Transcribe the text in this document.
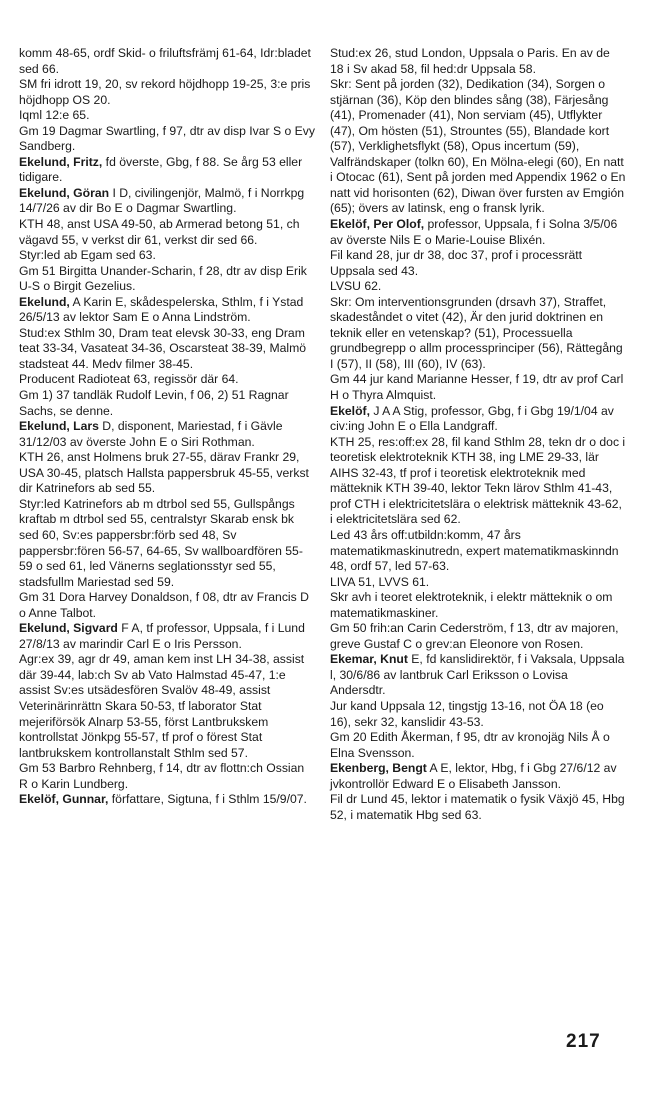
komm 48-65, ordf Skid- o friluftsfrämj 61-64, Idr:bladet sed 66.

SM fri idrott 19, 20, sv rekord höjdhopp 19-25, 3:e pris höjdhopp OS 20.

Iqml 12:e 65.

Gm 19 Dagmar Swartling, f 97, dtr av disp Ivar S o Evy Sandberg.

Ekelund, Fritz, fd överste, Gbg, f 88. Se årg 53 eller tidigare.

Ekelund, Göran I D, civilingenjör, Malmö, f i Norrkpg 14/7/26 av dir Bo E o Dagmar Swartling.

KTH 48, anst USA 49-50, ab Armerad betong 51, ch vägavd 55, v verkst dir 61, verkst dir sed 66.

Styr:led ab Egam sed 63.

Gm 51 Birgitta Unander-Scharin, f 28, dtr av disp Erik U-S o Birgit Gezelius.

Ekelund, A Karin E, skådespelerska, Sthlm, f i Ystad 26/5/13 av lektor Sam E o Anna Lindström.

Stud:ex Sthlm 30, Dram teat elevsk 30-33, eng Dram teat 33-34, Vasateat 34-36, Oscarsteat 38-39, Malmö stadsteat 44. Medv filmer 38-45.

Producent Radioteat 63, regissör där 64.

Gm 1) 37 tandläk Rudolf Levin, f 06, 2) 51 Ragnar Sachs, se denne.

Ekelund, Lars D, disponent, Mariestad, f i Gävle 31/12/03 av överste John E o Siri Rothman.

KTH 26, anst Holmens bruk 27-55, därav Frankr 29, USA 30-45, platsch Hallsta pappersbruk 45-55, verkst dir Katrinefors ab sed 55.

Styr:led Katrinefors ab m dtrbol sed 55, Gullspångs kraftab m dtrbol sed 55, centralstyr Skarab ensk bk sed 60, Sv:es pappersbr:förb sed 48, Sv pappersbr:fören 56-57, 64-65, Sv wallboardfören 55-59 o sed 61, led Vänerns seglationsstyr sed 55, stadsfullm Mariestad sed 59.

Gm 31 Dora Harvey Donaldson, f 08, dtr av Francis D o Anne Talbot.

Ekelund, Sigvard F A, tf professor, Uppsala, f i Lund 27/8/13 av marindir Carl E o Iris Persson.

Agr:ex 39, agr dr 49, aman kem inst LH 34-38, assist där 39-44, lab:ch Sv ab Vato Halmstad 45-47, 1:e assist Sv:es utsädesfören Svalöv 48-49, assist Veterinärinrättn Skara 50-53, tf laborator Stat mejeriförsök Alnarp 53-55, först Lantbrukskem kontrollstat Jönkpg 55-57, tf prof o förest Stat lantbrukskem kontrollanstalt Sthlm sed 57.

Gm 53 Barbro Rehnberg, f 14, dtr av flottn:ch Ossian R o Karin Lundberg.

Ekelöf, Gunnar, författare, Sigtuna, f i Sthlm 15/9/07.

Stud:ex 26, stud London, Uppsala o Paris. En av de 18 i Sv akad 58, fil hed:dr Uppsala 58.

Skr: Sent på jorden (32), Dedikation (34), Sorgen o stjärnan (36), Köp den blindes sång (38), Färjesång (41), Promenader (41), Non serviam (45), Utflykter (47), Om hösten (51), Strountes (55), Blandade kort (57), Verklighetsflykt (58), Opus incertum (59), Valfrändskaper (tolkn 60), En Mölna-elegi (60), En natt i Otocac (61), Sent på jorden med Appendix 1962 o En natt vid horisonten (62), Diwan över fursten av Emgión (65); övers av latinsk, eng o fransk lyrik.

Ekelöf, Per Olof, professor, Uppsala, f i Solna 3/5/06 av överste Nils E o Marie-Louise Blixén.

Fil kand 28, jur dr 38, doc 37, prof i processrätt Uppsala sed 43.

LVSU 62.

Skr: Om interventionsgrunden (drsavh 37), Straffet, skadeståndet o vitet (42), Är den jurid doktrinen en teknik eller en vetenskap? (51), Processuella grundbegrepp o allm processprinciper (56), Rättegång I (57), II (58), III (60), IV (63).

Gm 44 jur kand Marianne Hesser, f 19, dtr av prof Carl H o Thyra Almquist.

Ekelöf, J A A Stig, professor, Gbg, f i Gbg 19/1/04 av civ:ing John E o Ella Landgraff.

KTH 25, res:off:ex 28, fil kand Sthlm 28, tekn dr o doc i teoretisk elektroteknik KTH 38, ing LME 29-33, lär AIHS 32-43, tf prof i teoretisk elektroteknik med mätteknik KTH 39-40, lektor Tekn lärov Sthlm 41-43, prof CTH i elektricitetslära o elektrisk mätteknik 43-62, i elektricitetslära sed 62.

Led 43 års off:utbildn:komm, 47 års matematikmaskinutredn, expert matematikmaskinndn 48, ordf 57, led 57-63.

LIVA 51, LVVS 61.

Skr avh i teoret elektroteknik, i elektr mätteknik o om matematikmaskiner.

Gm 50 frih:an Carin Cederström, f 13, dtr av majoren, greve Gustaf C o grev:an Eleonore von Rosen.

Ekemar, Knut E, fd kanslidirektör, f i Vaksala, Uppsala l, 30/6/86 av lantbruk Carl Eriksson o Lovisa Andersdtr.

Jur kand Uppsala 12, tingstjg 13-16, not ÖA 18 (eo 16), sekr 32, kanslidir 43-53.

Gm 20 Edith Åkerman, f 95, dtr av kronojäg Nils Å o Elna Svensson.

Ekenberg, Bengt A E, lektor, Hbg, f i Gbg 27/6/12 av jvkontrollör Edward E o Elisabeth Jansson.

Fil dr Lund 45, lektor i matematik o fysik Växjö 45, Hbg 52, i matematik Hbg sed 63.

217
